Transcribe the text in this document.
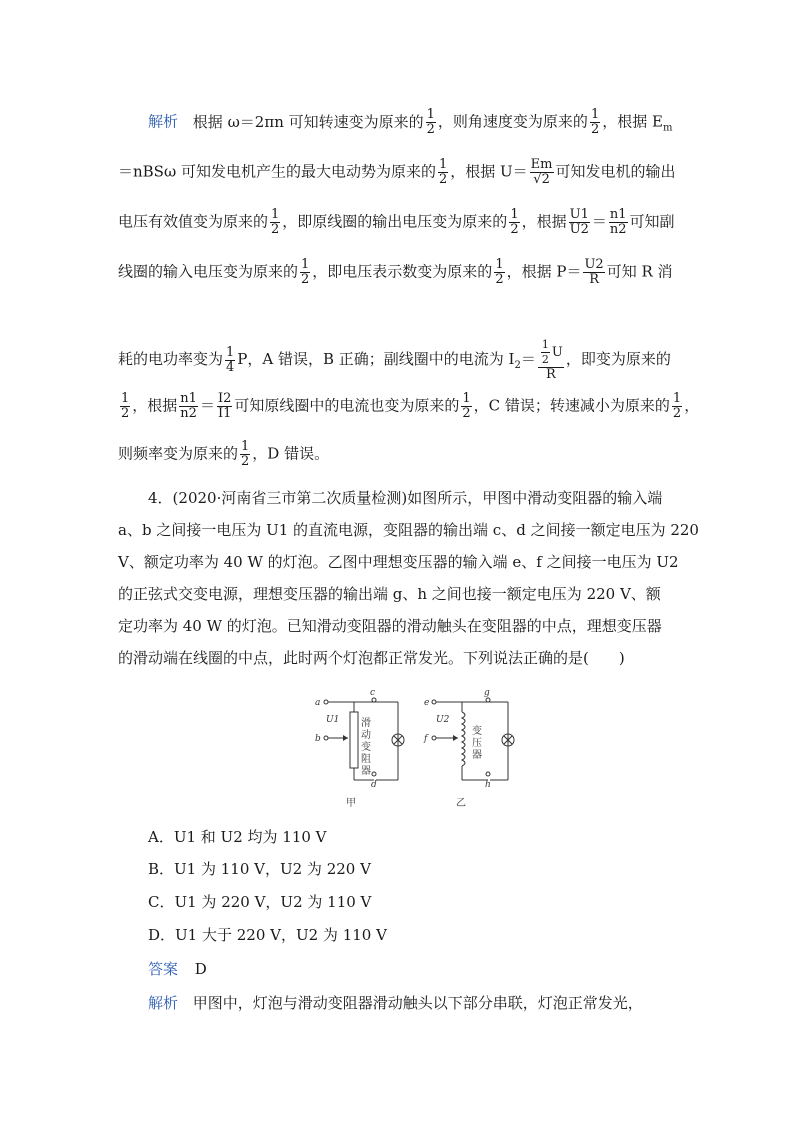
解析 根据 ω＝2πn 可知转速变为原来的 $\frac{1}{2}$ ，则角速度变为原来的 $\frac{1}{2}$ ，根据 $E_m$
＝nBSω 可知发电机产生的最大电动势为原来的 $\frac{1}{2}$ ，根据 $U= \frac{Em}{√2}$ 可知发电机的输出
电压有效值变为原来的 $\frac{1}{2}$ ，即原线圈的输出电压变为原来的 $\frac{1}{2}$ ，根据 $\frac{U1}{U2} = \frac{n1}{n2}$ 可知副
线圈的输入电压变为原来的 $\frac{1}{2}$ ，即电压表示数变为原来的 $\frac{1}{2}$ ，根据 $P= \frac{U2}{R}$ 可知 R 消
耗的电功率变为 $\frac{1}{4}$ P，A 错误，B 正确；副线圈中的电流为 $I_2= \frac{\frac{1}{2} U}{R}$ ，即变为原来的
$\frac{1}{2}$ ，根据 $\frac{n1}{n2} = \frac{I2}{I1}$ 可知原线圈中的电流也变为原来的 $\frac{1}{2}$ ，C 错误；转速减小为原来的 $\frac{1}{2}$ ，
则频率变为原来的 $\frac{1}{2}$ ，D 错误。
4．(2020·河南省三市第二次质量检测)如图所示，甲图中滑动变阻器的输入端
a、b 之间接一电压为 U1 的直流电源，变阻器的输出端 c、d 之间接一额定电压为 220
V、额定功率为 40 W 的灯泡。乙图中理想变压器的输入端 e、f 之间接一电压为 U2
的正弦式交变电源，理想变压器的输出端 g、h 之间也接一额定电压为 220 V、额
定功率为 40 W 的灯泡。已知滑动变阻器的滑动触头在变阻器的中点，理想变压器
的滑动端在线圈的中点，此时两个灯泡都正常发光。下列说法正确的是(　　)
a
b
c
d
U1 滑
动
变
阻
器
甲
e
f
g
h
U2
变
压
器
乙
A．U1 和 U2 均为 110 V
B．U1 为 110 V，U2 为 220 V
C．U1 为 220 V，U2 为 110 V
D．U1 大于 220 V，U2 为 110 V
答案 D
解析 甲图中，灯泡与滑动变阻器滑动触头以下部分串联，灯泡正常发光，
